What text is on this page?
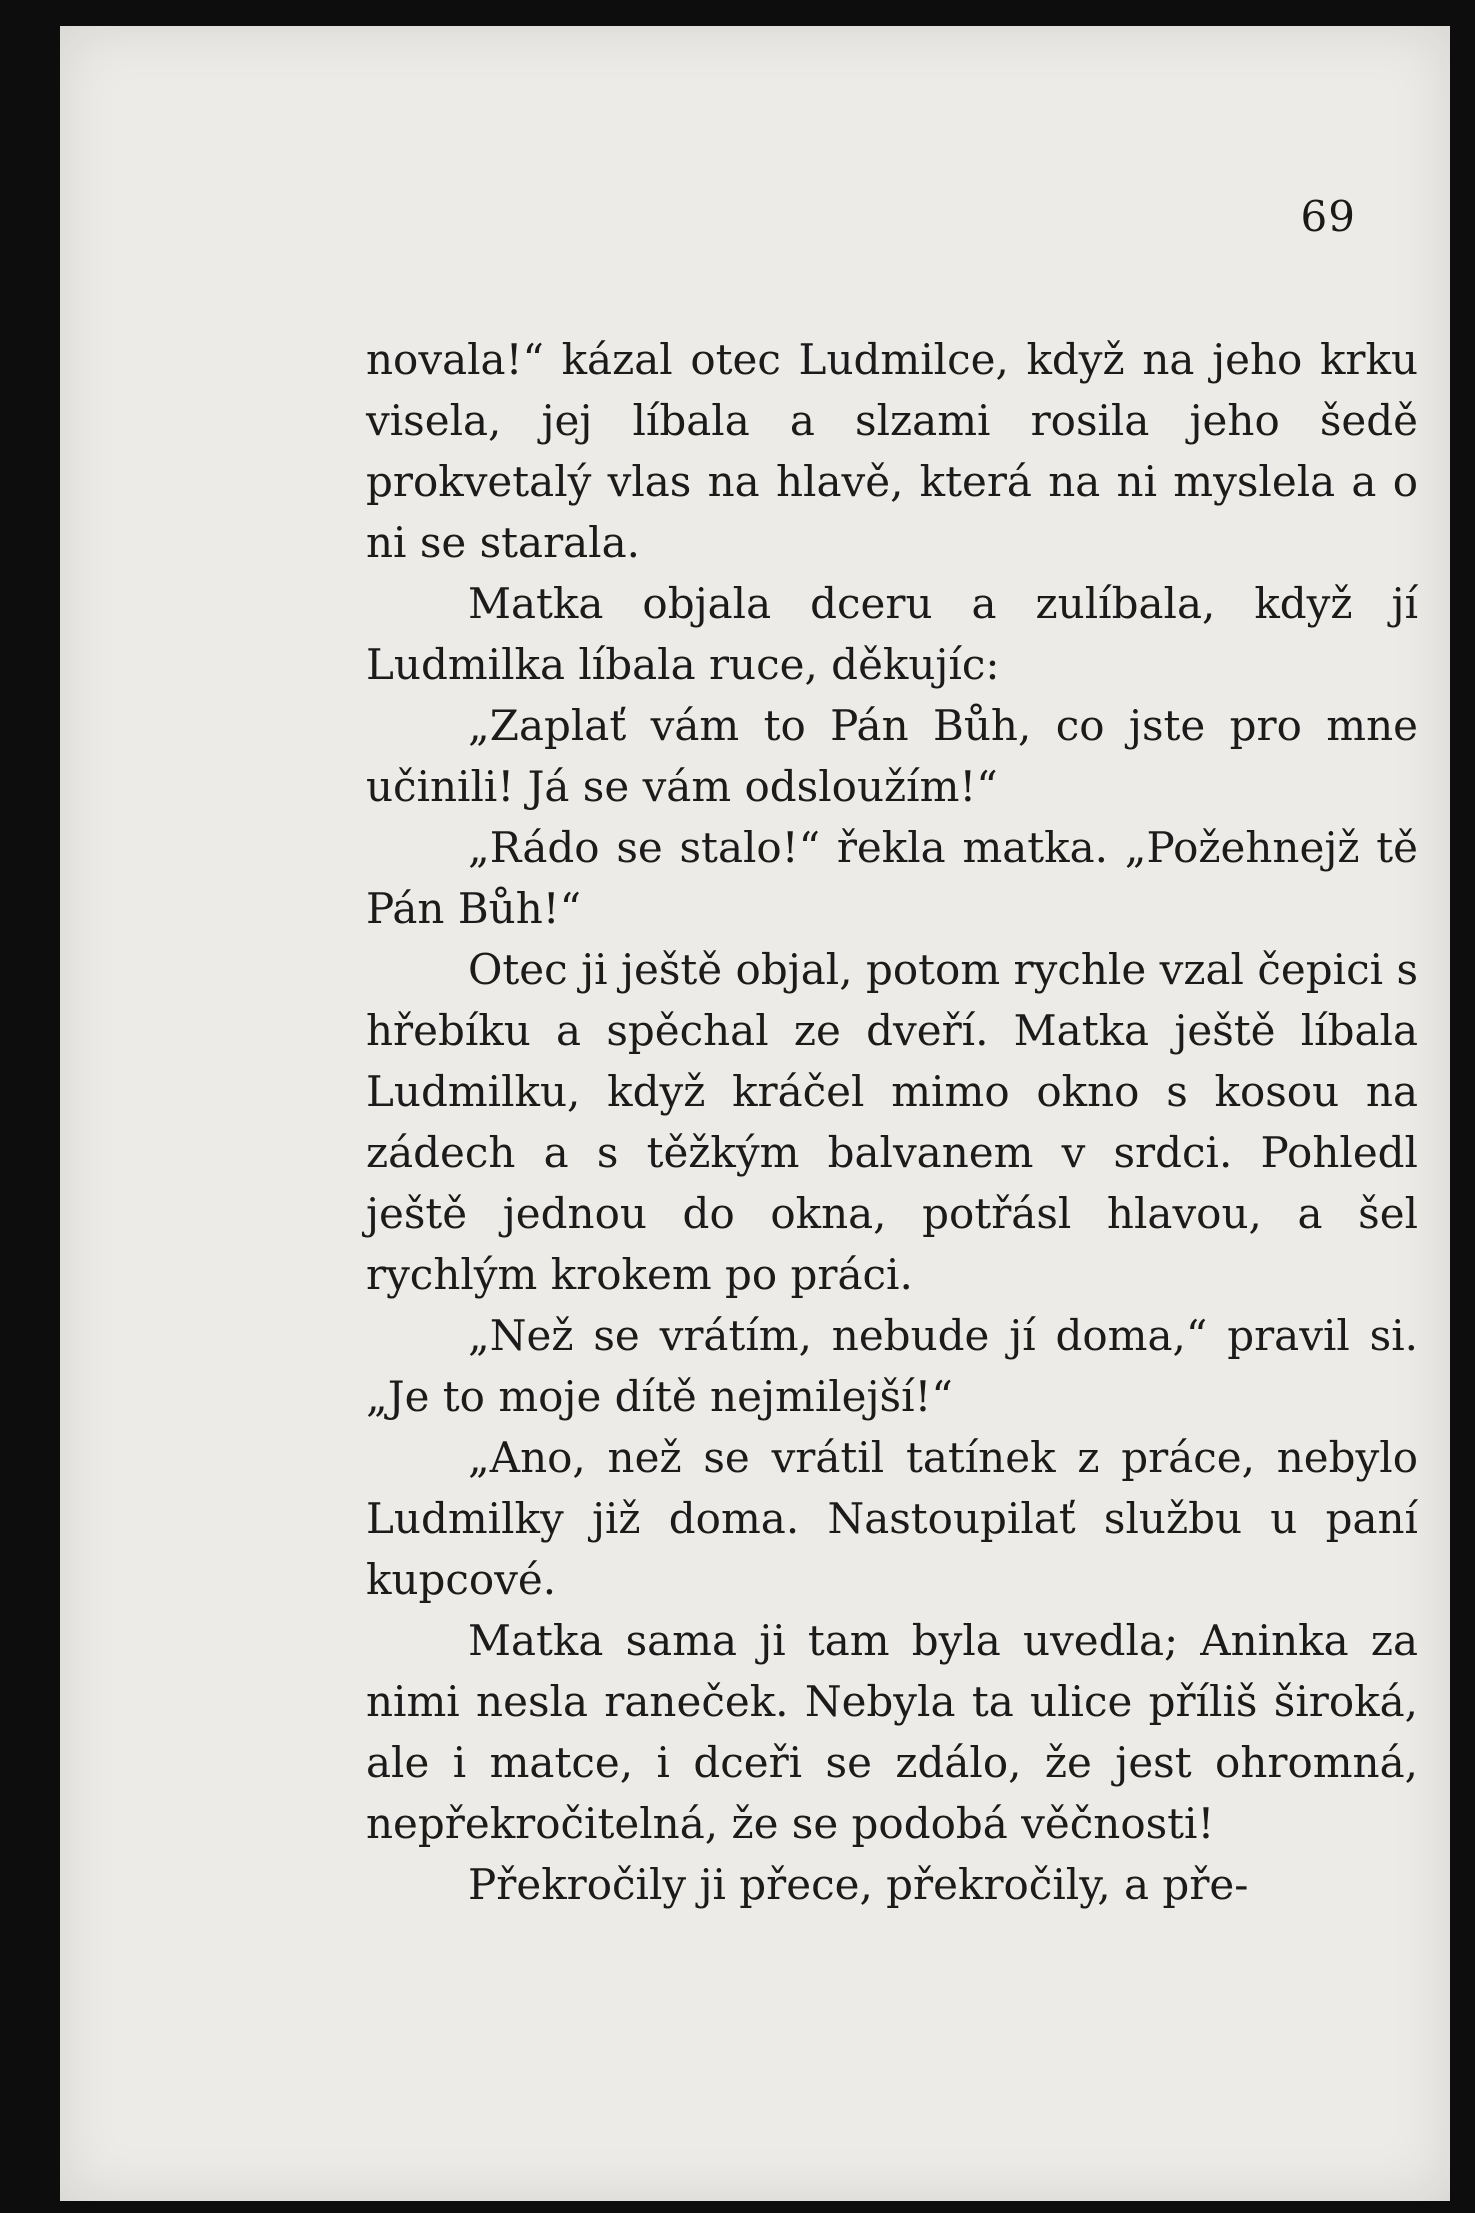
69

novala!“ kázal otec Ludmilce, když na jeho krku visela, jej líbala a slzami rosila jeho šedě prokvetalý vlas na hlavě, která na ni myslela a o ni se starala.

Matka objala dceru a zulíbala, když jí Ludmilka líbala ruce, děkujíc:

„Zaplať vám to Pán Bůh, co jste pro mne učinili! Já se vám odsloužím!“

„Rádo se stalo!“ řekla matka. „Požehnejž tě Pán Bůh!“

Otec ji ještě objal, potom rychle vzal čepici s hřebíku a spěchal ze dveří. Matka ještě líbala Ludmilku, když kráčel mimo okno s kosou na zádech a s těžkým balvanem v srdci. Pohledl ještě jednou do okna, potřásl hlavou, a šel rychlým krokem po práci.

„Než se vrátím, nebude jí doma,“ pravil si. „Je to moje dítě nejmilejší!“

„Ano, než se vrátil tatínek z práce, nebylo Ludmilky již doma. Nastoupilať službu u paní kupcové.

Matka sama ji tam byla uvedla; Aninka za nimi nesla raneček. Nebyla ta ulice příliš široká, ale i matce, i dceři se zdálo, že jest ohromná, nepřekročitelná, že se podobá věčnosti!

Překročily ji přece, překročily, a pře-
